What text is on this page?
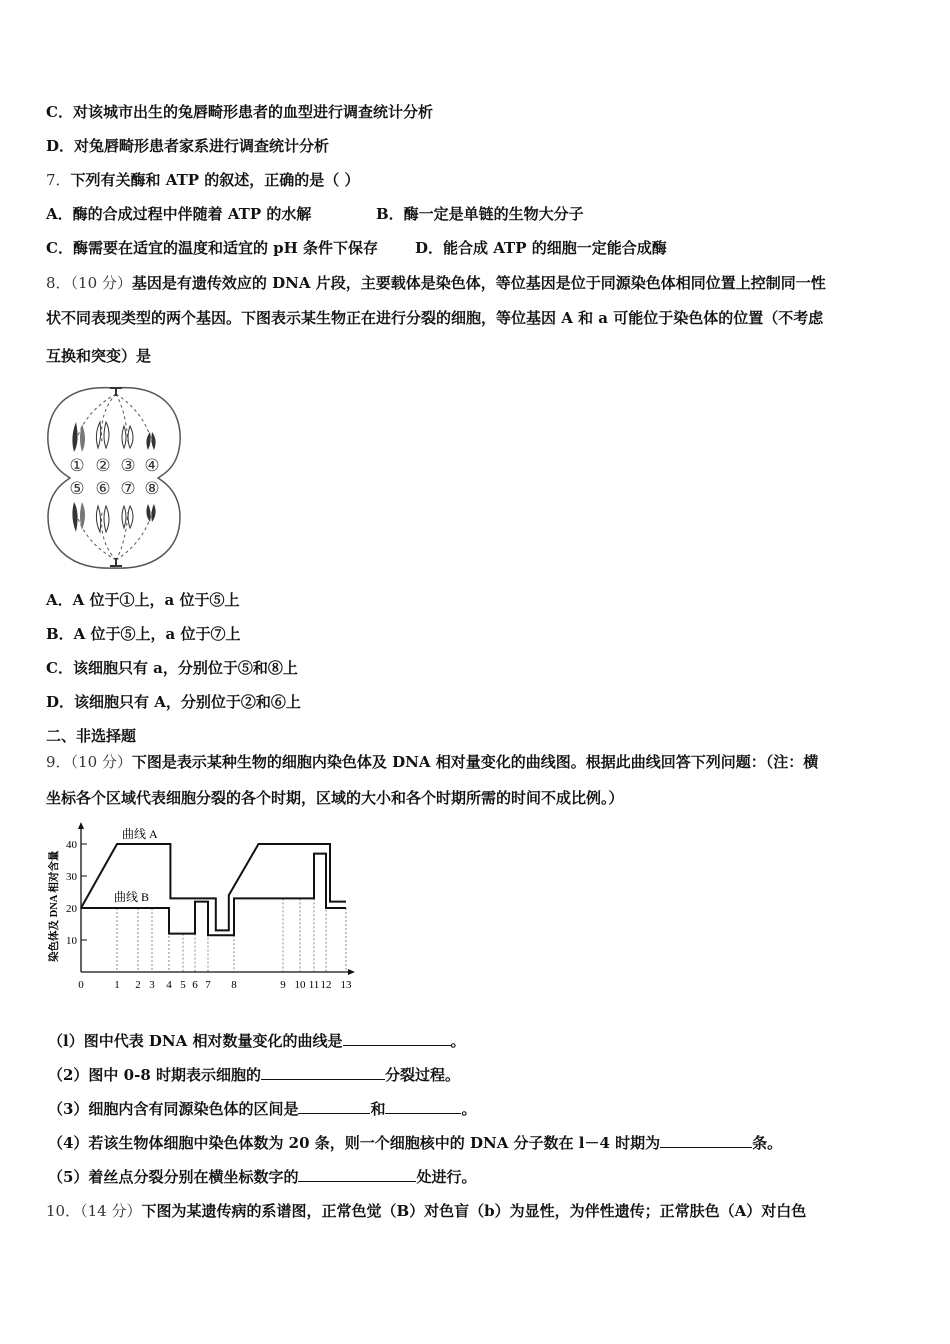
C．对该城市出生的兔唇畸形患者的血型进行调查统计分析
D．对兔唇畸形患者家系进行调查统计分析
7．下列有关酶和 ATP 的叙述，正确的是（ ）
A．酶的合成过程中伴随着 ATP 的水解	B．酶一定是单链的生物大分子
C．酶需要在适宜的温度和适宜的 pH 条件下保存 D．能合成 ATP 的细胞一定能合成酶
8．（10 分）基因是有遗传效应的 DNA 片段，主要载体是染色体，等位基因是位于同源染色体相同位置上控制同一性
状不同表现类型的两个基因。下图表示某生物正在进行分裂的细胞，等位基因 A 和 a 可能位于染色体的位置（不考虑
互换和突变）是
① ② ③ ④
⑤ ⑥ ⑦ ⑧
A．A 位于①上，a 位于⑤上
B．A 位于⑤上，a 位于⑦上
C．该细胞只有 a，分别位于⑤和⑧上
D．该细胞只有 A，分别位于②和⑥上
二、非选择题
9．（10 分）下图是表示某种生物的细胞内染色体及 DNA 相对量变化的曲线图。根据此曲线回答下列问题：（注：横
坐标各个区域代表细胞分裂的各个时期，区域的大小和各个时期所需的时间不成比例。）
10
20
30
40
0	1 2 3 4 5 6 7 8	9 10 11 12 13
曲线 A
曲线 B
染色体及 DNA 相对含量
（l）图中代表 DNA 相对数量变化的曲线是	。
（2）图中 0-8 时期表示细胞的	分裂过程。
（3）细胞内含有同源染色体的区间是	和	。
（4）若该生物体细胞中染色体数为 20 条，则一个细胞核中的 DNA 分子数在 l－4 时期为	条。
（5）着丝点分裂分别在横坐标数字的	处进行。
10．（14 分）下图为某遗传病的系谱图，正常色觉（B）对色盲（b）为显性，为伴性遗传；正常肤色（A）对白色
